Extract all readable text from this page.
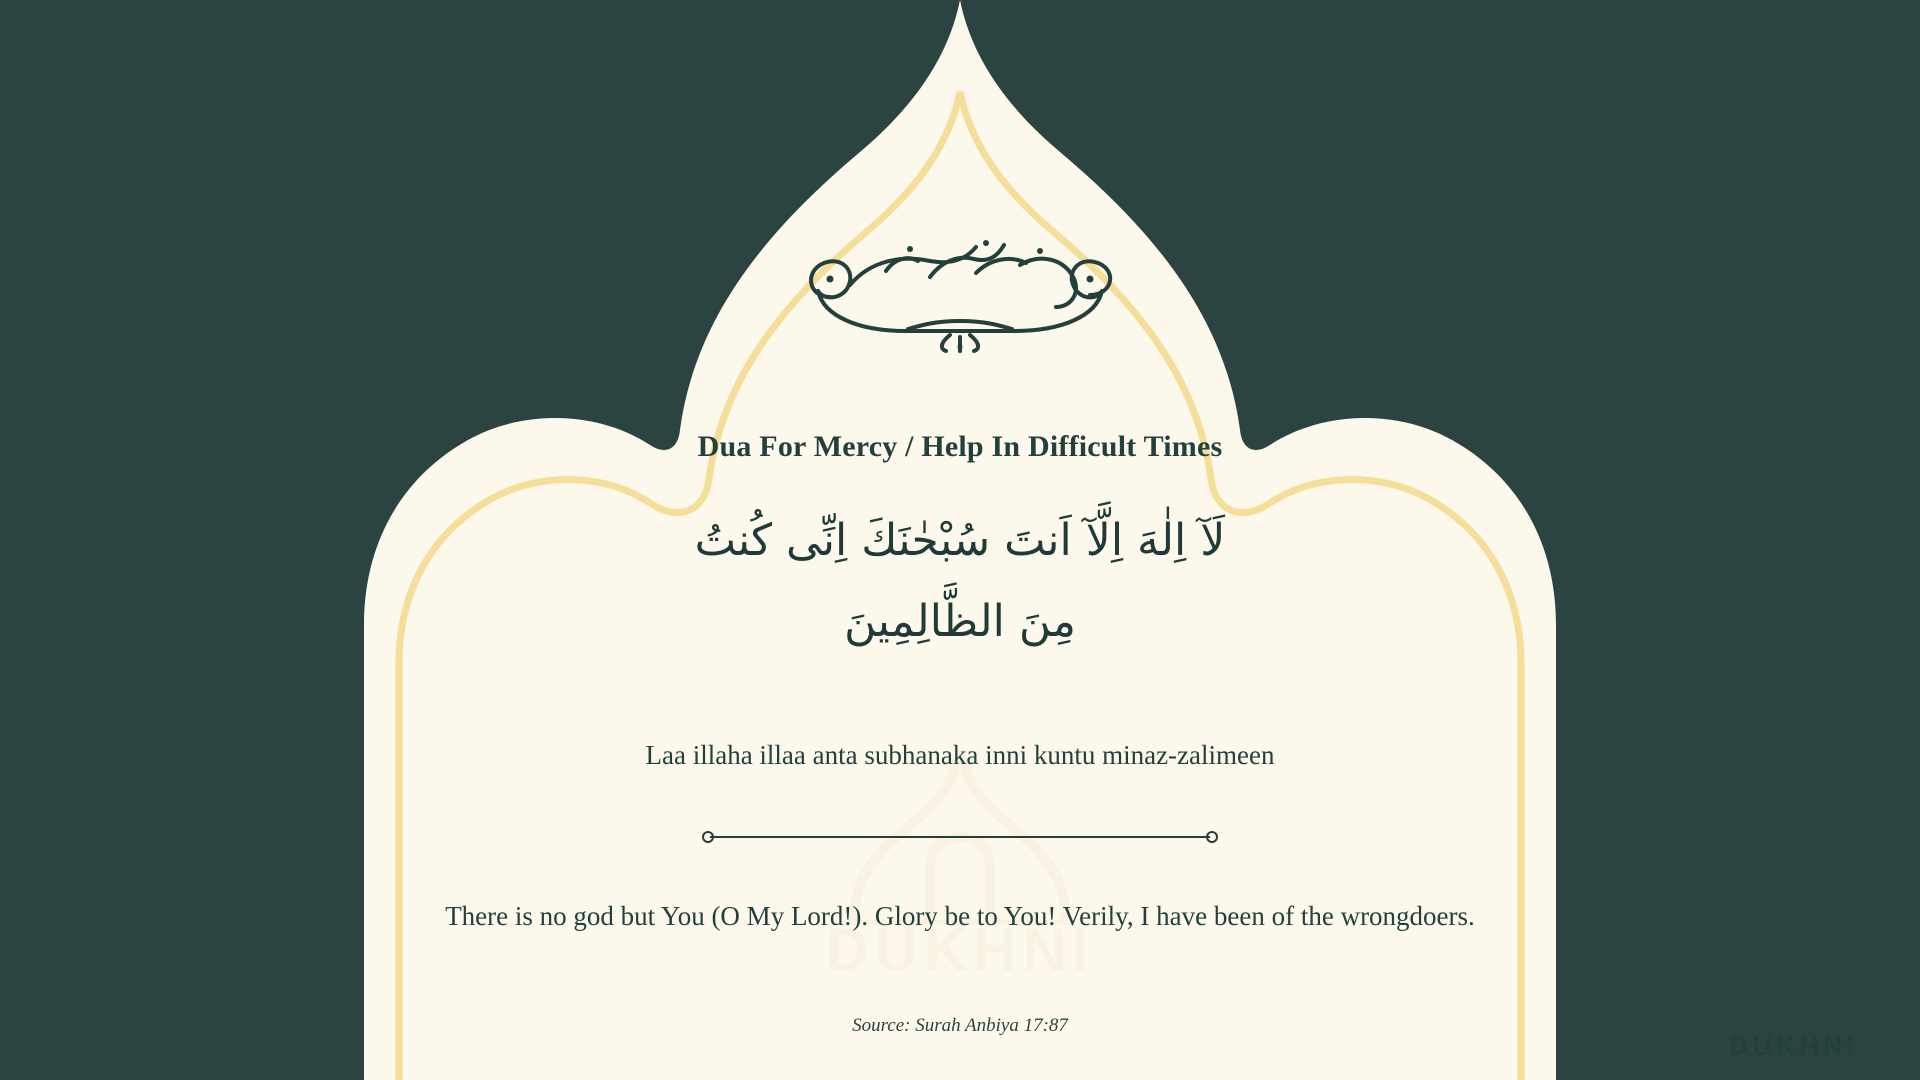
DUKHNI
Dua For Mercy / Help In Difficult Times
لَآ اِلٰهَ اِلَّآ اَنتَ سُبْحٰنَكَ اِنِّى كُنتُ
مِنَ الظَّالِمِينَ
Laa illaha illaa anta subhanaka inni kuntu minaz-zalimeen
There is no god but You (O My Lord!). Glory be to You! Verily, I have been of the wrongdoers.
Source: Surah Anbiya 17:87
DUKHNI
